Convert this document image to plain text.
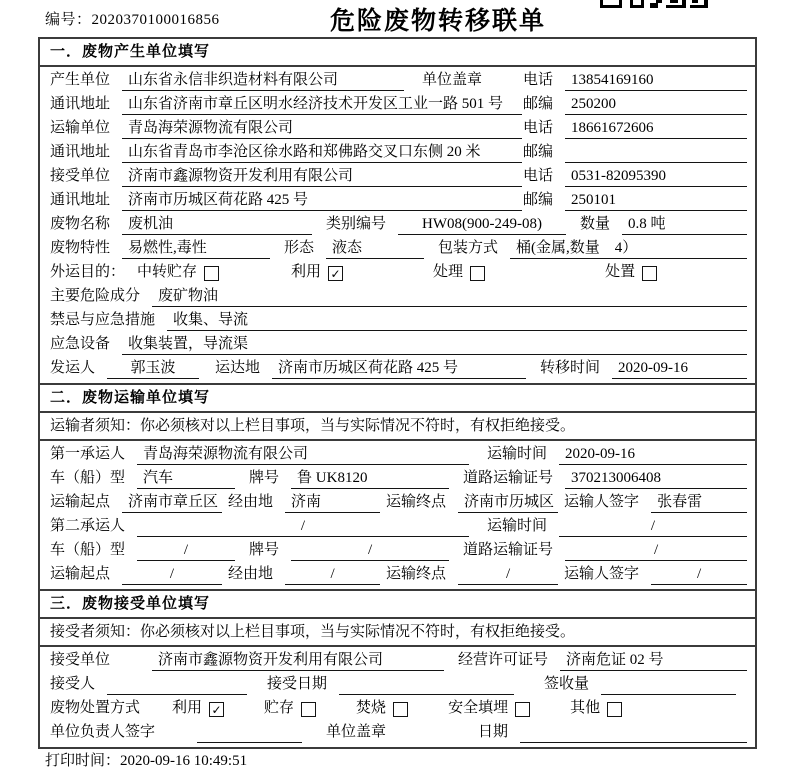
编号：2020370100016856	危险废物转移联单
一．废物产生单位填写
产生单位	山东省永信非织造材料有限公司	单位盖章	电话	13854169160
通讯地址	山东省济南市章丘区明水经济技术开发区工业一路 501 号	邮编	250200
运输单位	青岛海荣源物流有限公司	电话	18661672606
通讯地址	山东省青岛市李沧区徐水路和郑佛路交叉口东侧 20 米	邮编
接受单位	济南市鑫源物资开发利用有限公司	电话	0531-82095390
通讯地址	济南市历城区荷花路 425 号	邮编	250101
废物名称	废机油	类别编号	HW08(900-249-08)	数量	0.8 吨
废物特性	易燃性,毒性	形态	液态	包装方式	桶(金属,数量　4）
外运目的： 中转贮存	利用 ✓	处理	处置
主要危险成分	废矿物油
禁忌与应急措施	收集、导流
应急设备	收集装置，导流渠
发运人	郭玉波	运达地	济南市历城区荷花路 425 号	转移时间	2020-09-16
二．废物运输单位填写
运输者须知：你必须核对以上栏目事项，当与实际情况不符时，有权拒绝接受。
第一承运人	青岛海荣源物流有限公司	运输时间	2020-09-16
车（船）型	汽车	牌号	鲁 UK8120	道路运输证号	370213006408
运输起点	济南市章丘区 经由地	济南	运输终点	济南市历城区 运输人签字	张春雷
第二承运人	/	运输时间	/
车（船）型	/	牌号	/	道路运输证号	/
运输起点	/	经由地	/	运输终点	/	运输人签字	/
三．废物接受单位填写
接受者须知：你必须核对以上栏目事项，当与实际情况不符时，有权拒绝接受。
接受单位	济南市鑫源物资开发利用有限公司	经营许可证号	济南危证 02 号
接受人	接受日期	签收量
废物处置方式 利用 ✓	贮存	焚烧	安全填埋	其他
单位负责人签字	单位盖章	日期
打印时间：2020-09-16 10:49:51
